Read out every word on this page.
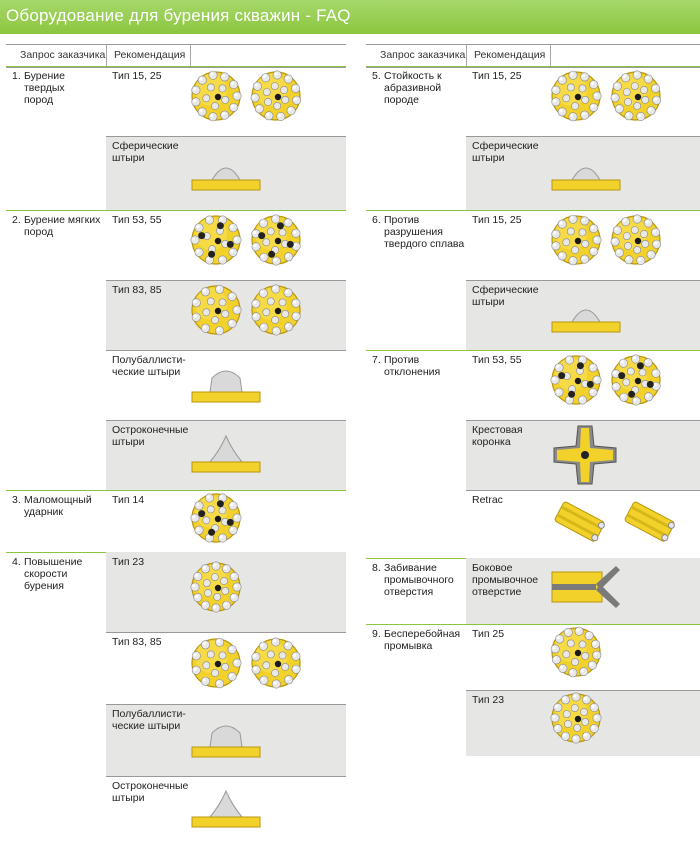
Оборудование для бурения скважин - FAQ
Запрос заказчика Рекомендация
1. Бурение твердых
пород
Тип 15, 25
Сферические
штыри
2. Бурение мягких
пород
Тип 53, 55
Тип 83, 85
Полубаллисти-
ческие штыри
Остроконечные
штыри
3. Маломощный
ударник
Тип 14
4. Повышение
скорости бурения
Тип 23
Тип 83, 85
Полубаллисти-
ческие штыри
Остроконечные
штыри
Запрос заказчика Рекомендация
5. Стойкость к
абразивной породе
Тип 15, 25
Сферические
штыри
6. Против
разрушения
твердого сплава
Тип 15, 25
Сферические
штыри
7. Против
отклонения
Тип 53, 55
Крестовая
коронка
Retrac
8. Забивание
промывочного
отверстия
Боковое
промывочное
отверстие
9. Бесперебойная
промывка
Тип 25
Тип 23
